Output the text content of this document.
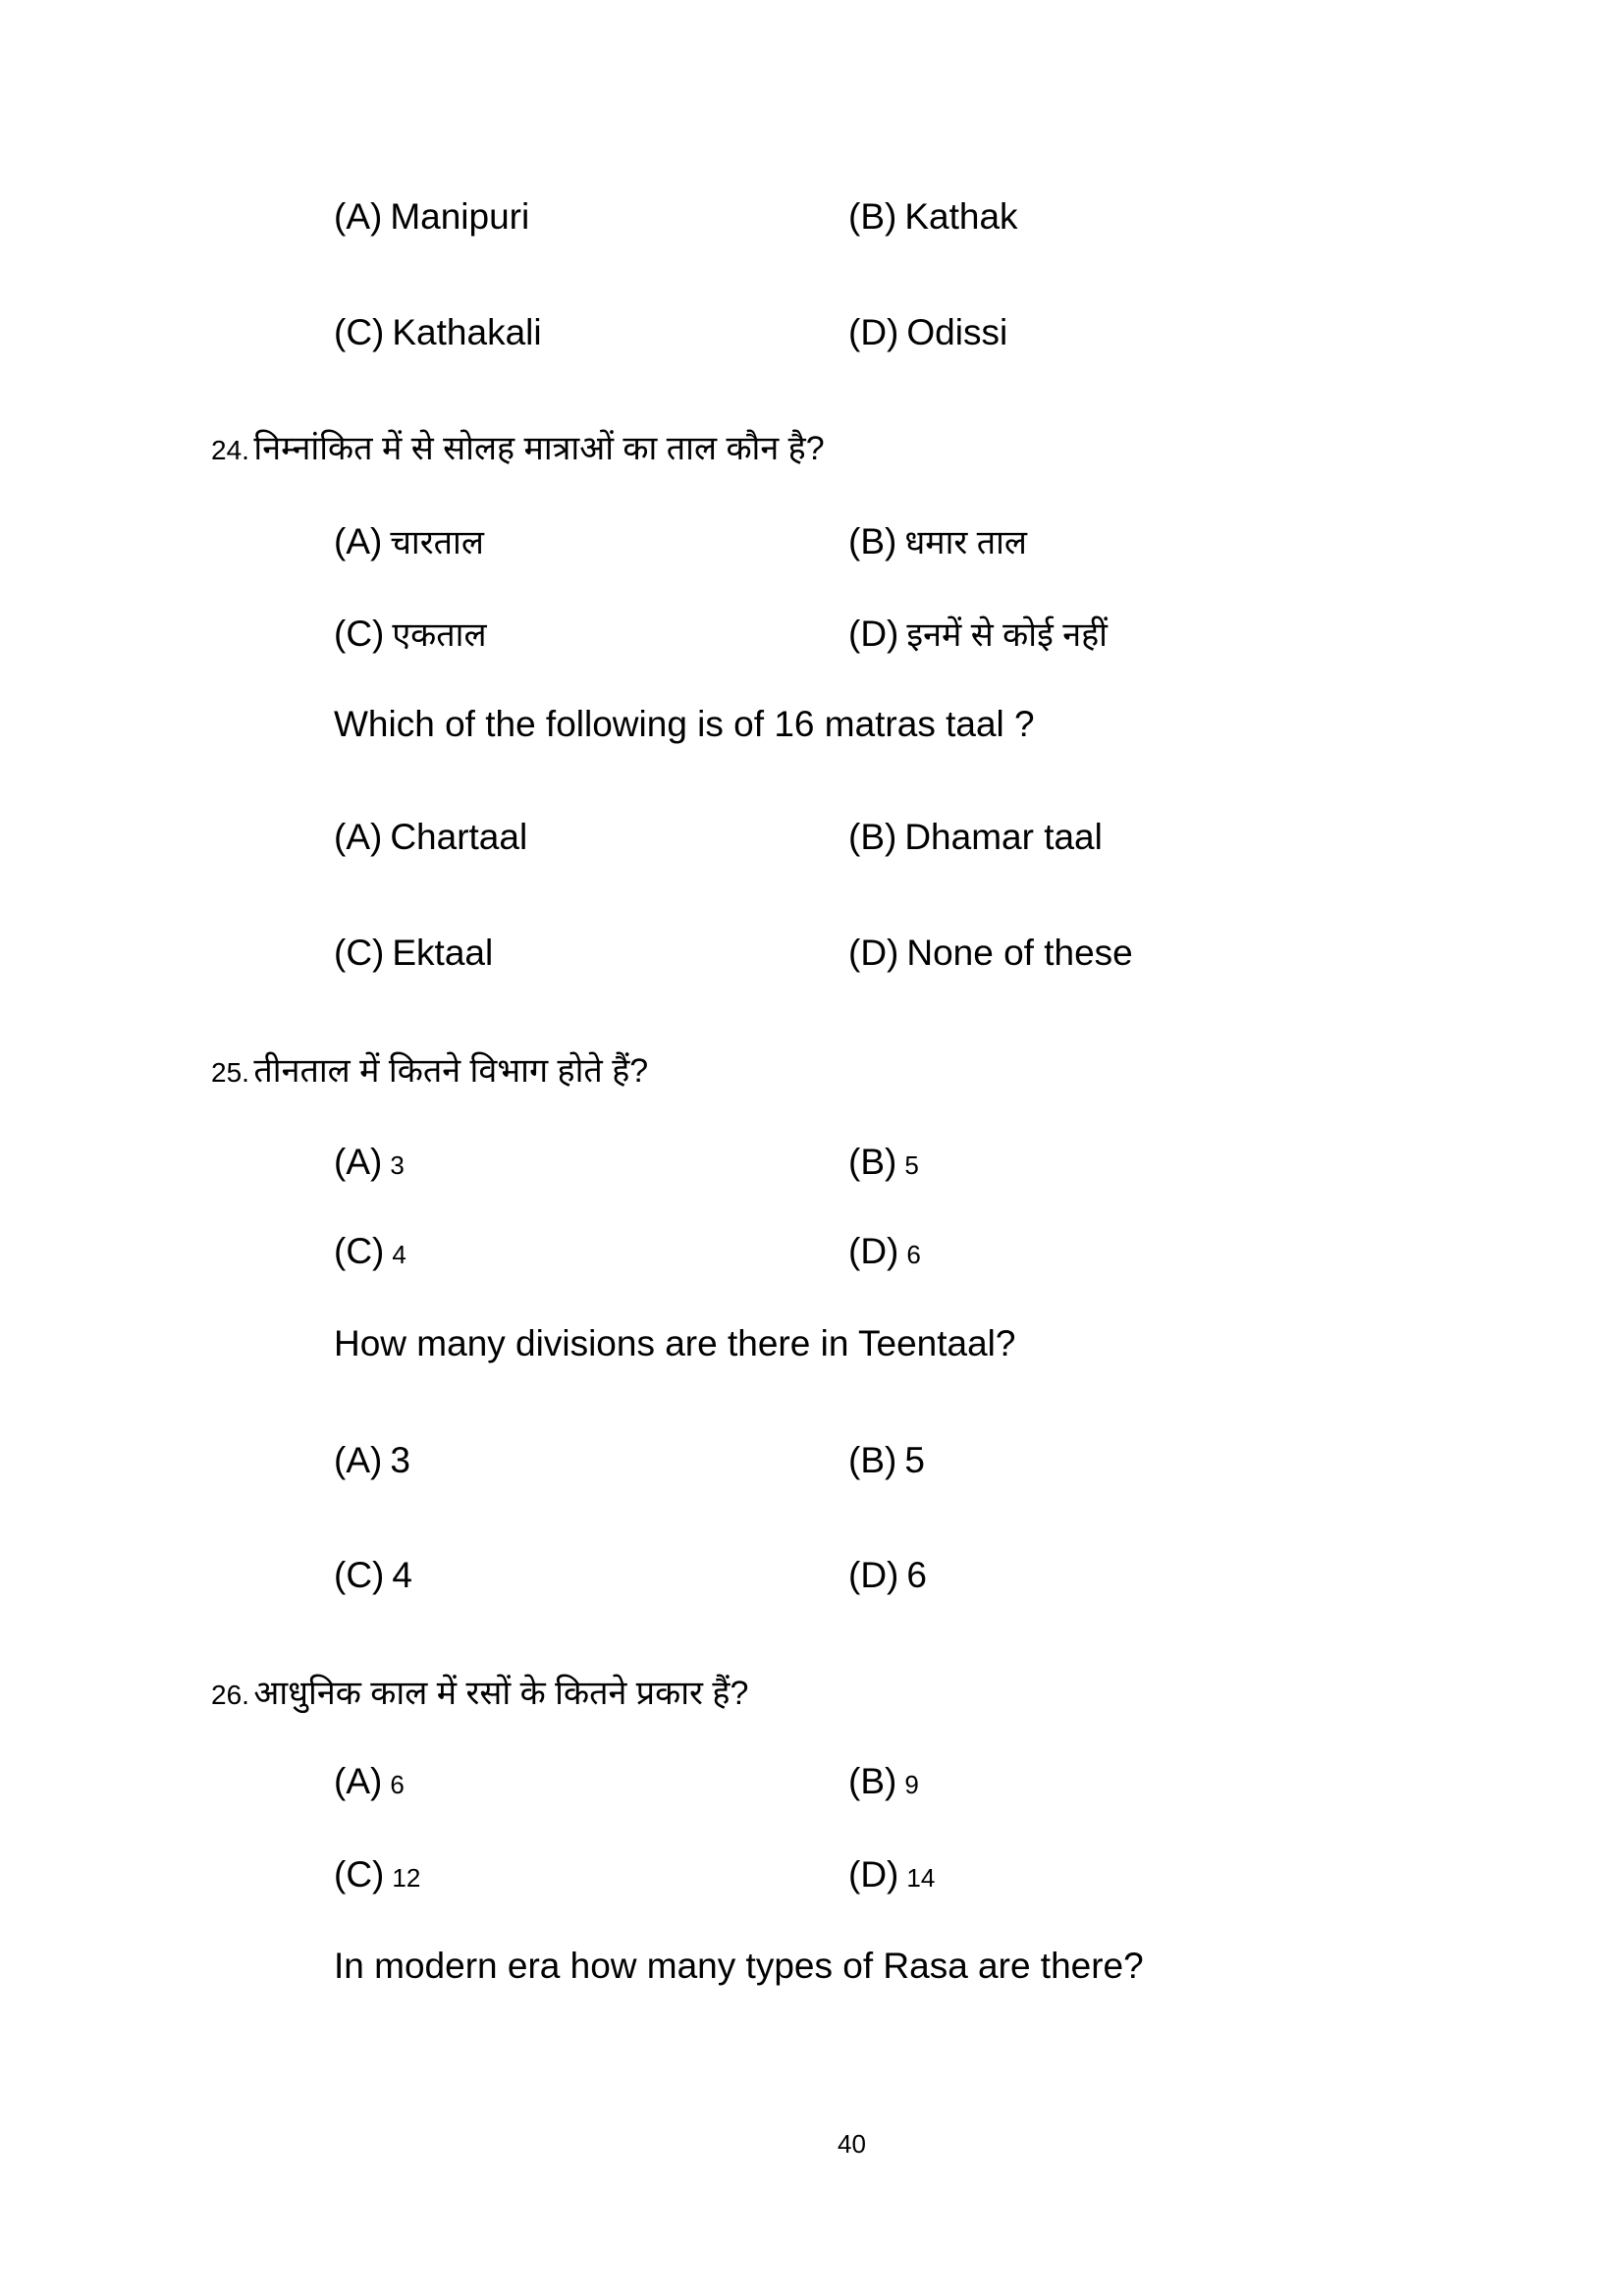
(A) Manipuri	(B) Kathak
(C) Kathakali	(D) Odissi
24. निम्नांकित में से सोलह मात्राओं का ताल कौन है?
(A) चारताल	(B) धमार ताल
(C) एकताल	(D) इनमें से कोई नहीं
Which of the following is of 16 matras taal ?
(A) Chartaal	(B) Dhamar taal
(C) Ektaal	(D) None of these
25. तीनताल में कितने विभाग होते हैं?
(A) 3	(B) 5
(C) 4	(D) 6
How many divisions are there in Teentaal?
(A) 3	(B) 5
(C) 4	(D) 6
26. आधुनिक काल में रसों के कितने प्रकार हैं?
(A) 6	(B) 9
(C) 12	(D) 14
In modern era how many types of Rasa are there?
40
